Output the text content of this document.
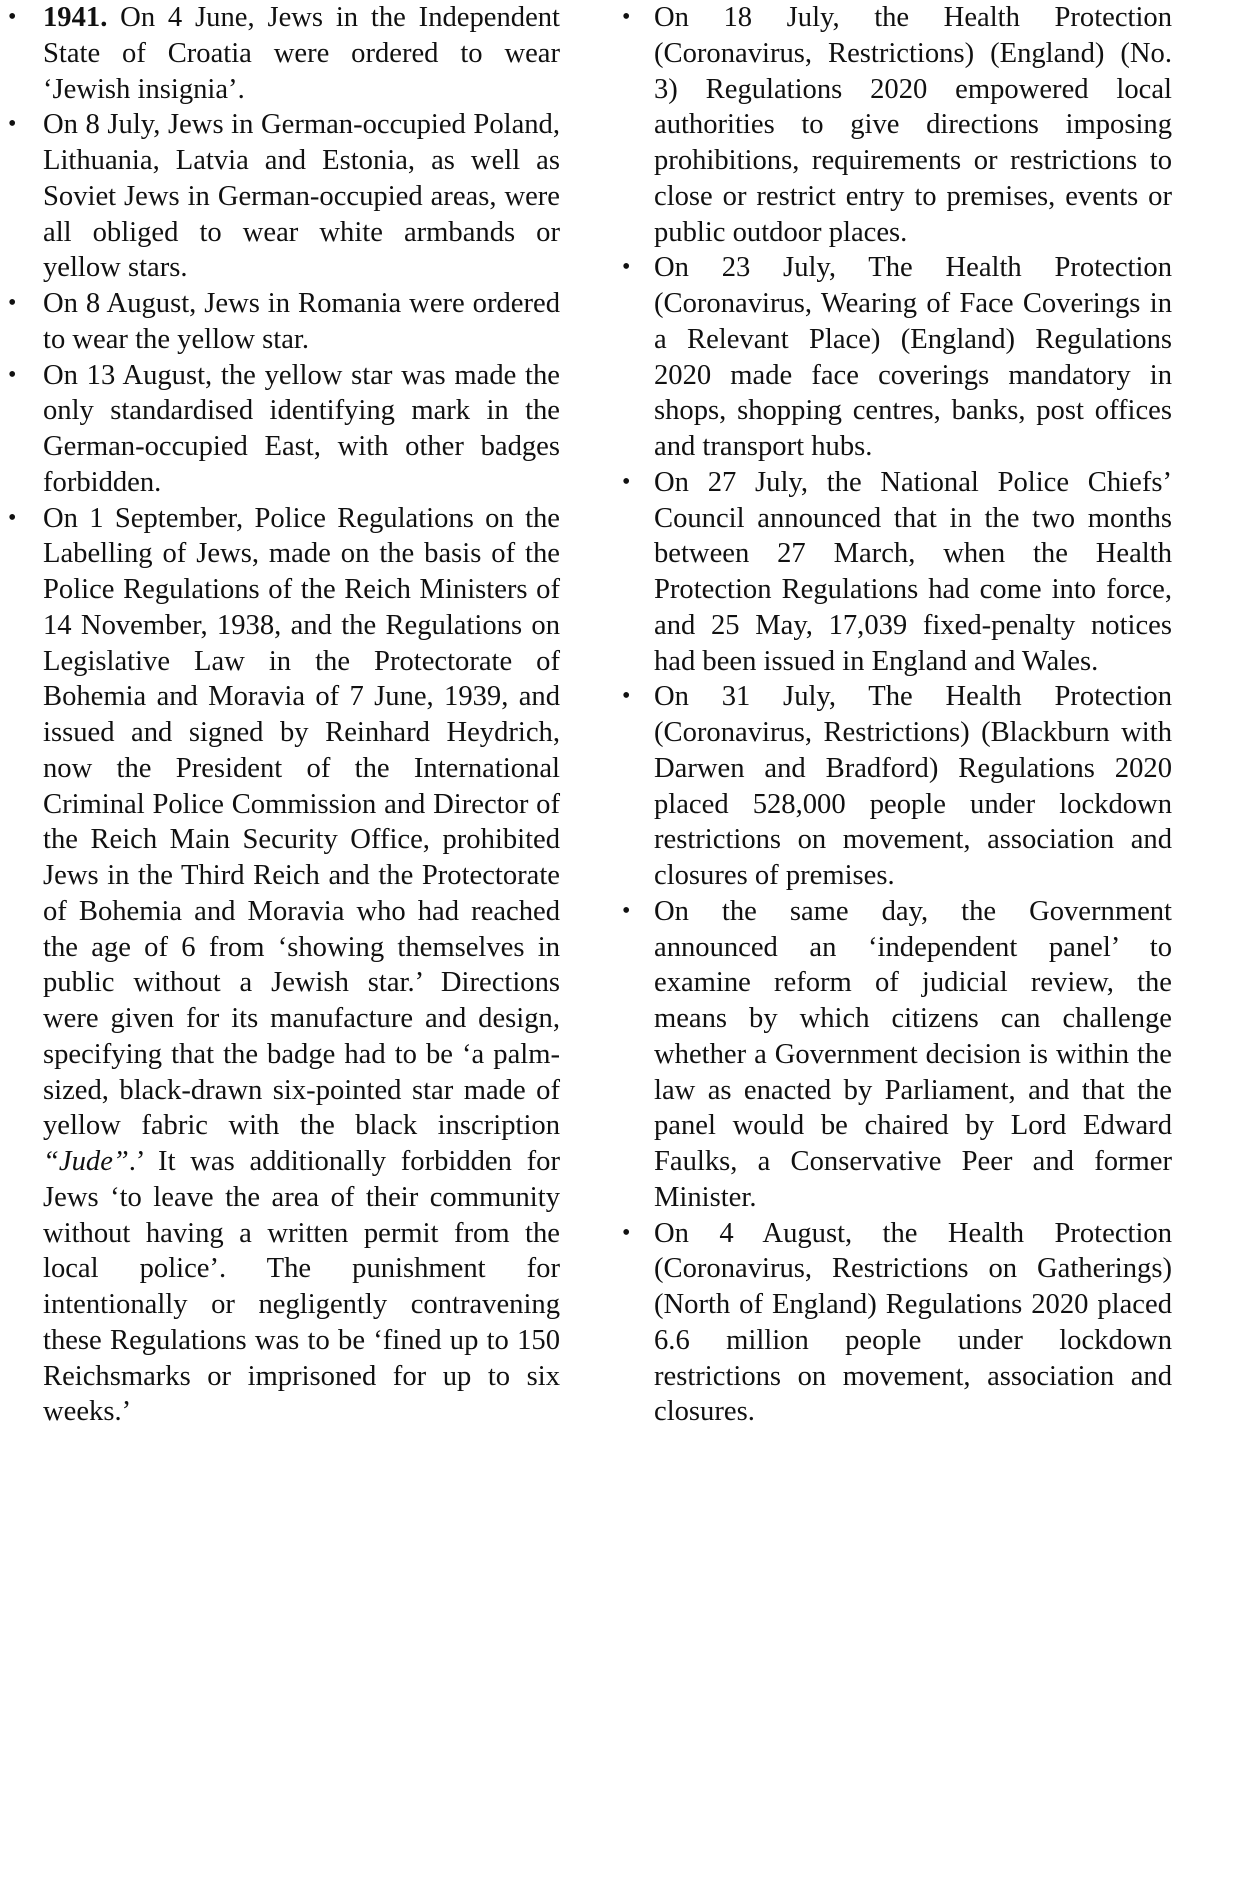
• 1941. On 4 June, Jews in the Independent State of Croatia were ordered to wear ‘Jewish insignia’.
• On 8 July, Jews in German-occupied Poland, Lithuania, Latvia and Estonia, as well as Soviet Jews in German-occupied areas, were all obliged to wear white armbands or yellow stars.
• On 8 August, Jews in Romania were ordered to wear the yellow star.
• On 13 August, the yellow star was made the only standardised identifying mark in the German-occupied East, with other badges forbidden.
• On 1 September, Police Regulations on the Labelling of Jews, made on the basis of the Police Regulations of the Reich Ministers of 14 November, 1938, and the Regulations on Legislative Law in the Protectorate of Bohemia and Moravia of 7 June, 1939, and issued and signed by Reinhard Heydrich, now the President of the International Criminal Police Commission and Director of the Reich Main Security Office, prohibited Jews in the Third Reich and the Protectorate of Bohemia and Moravia who had reached the age of 6 from ‘showing themselves in public without a Jewish star.’ Directions were given for its manufacture and design, specifying that the badge had to be ‘a palm-sized, black-drawn six-pointed star made of yellow fabric with the black inscription “Jude”.’ It was additionally forbidden for Jews ‘to leave the area of their community without having a written permit from the local police’. The punishment for intentionally or negligently contravening these Regulations was to be ‘fined up to 150 Reichsmarks or imprisoned for up to six weeks.’
• On 18 July, the Health Protection (Coronavirus, Restrictions) (England) (No. 3) Regulations 2020 empowered local authorities to give directions imposing prohibitions, requirements or restrictions to close or restrict entry to premises, events or public outdoor places.
• On 23 July, The Health Protection (Coronavirus, Wearing of Face Coverings in a Relevant Place) (England) Regulations 2020 made face coverings mandatory in shops, shopping centres, banks, post offices and transport hubs.
• On 27 July, the National Police Chiefs’ Council announced that in the two months between 27 March, when the Health Protection Regulations had come into force, and 25 May, 17,039 fixed-penalty notices had been issued in England and Wales.
• On 31 July, The Health Protection (Coronavirus, Restrictions) (Blackburn with Darwen and Bradford) Regulations 2020 placed 528,000 people under lockdown restrictions on movement, association and closures of premises.
• On the same day, the Government announced an ‘independent panel’ to examine reform of judicial review, the means by which citizens can challenge whether a Government decision is within the law as enacted by Parliament, and that the panel would be chaired by Lord Edward Faulks, a Conservative Peer and former Minister.
• On 4 August, the Health Protection (Coronavirus, Restrictions on Gatherings) (North of England) Regulations 2020 placed 6.6 million people under lockdown restrictions on movement, association and closures.
